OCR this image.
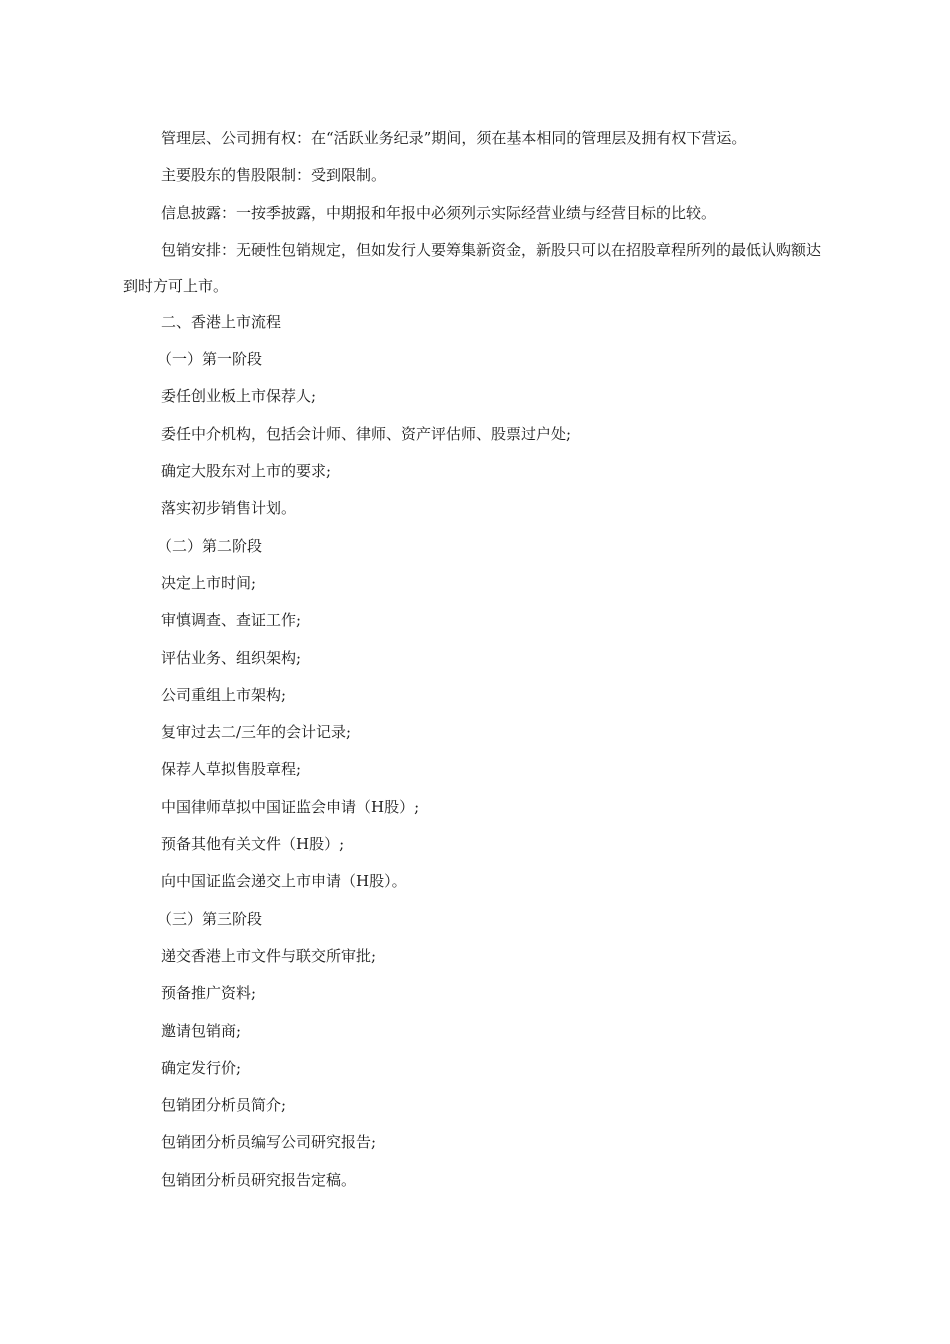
管理层、公司拥有权：在“活跃业务纪录”期间，须在基本相同的管理层及拥有权下营运。

主要股东的售股限制：受到限制。

信息披露：一按季披露，中期报和年报中必须列示实际经营业绩与经营目标的比较。

包销安排：无硬性包销规定，但如发行人要筹集新资金，新股只可以在招股章程所列的最低认购额达到时方可上市。

二、香港上市流程

（一）第一阶段

委任创业板上市保荐人;

委任中介机构，包括会计师、律师、资产评估师、股票过户处;

确定大股东对上市的要求;

落实初步销售计划。

（二）第二阶段

决定上市时间;

审慎调查、查证工作;

评估业务、组织架构;

公司重组上市架构;

复审过去二/三年的会计记录;

保荐人草拟售股章程;

中国律师草拟中国证监会申请（H股）;

预备其他有关文件（H股）;

向中国证监会递交上市申请（H股）。

（三）第三阶段

递交香港上市文件与联交所审批;

预备推广资料;

邀请包销商;

确定发行价;

包销团分析员简介;

包销团分析员编写公司研究报告;

包销团分析员研究报告定稿。
